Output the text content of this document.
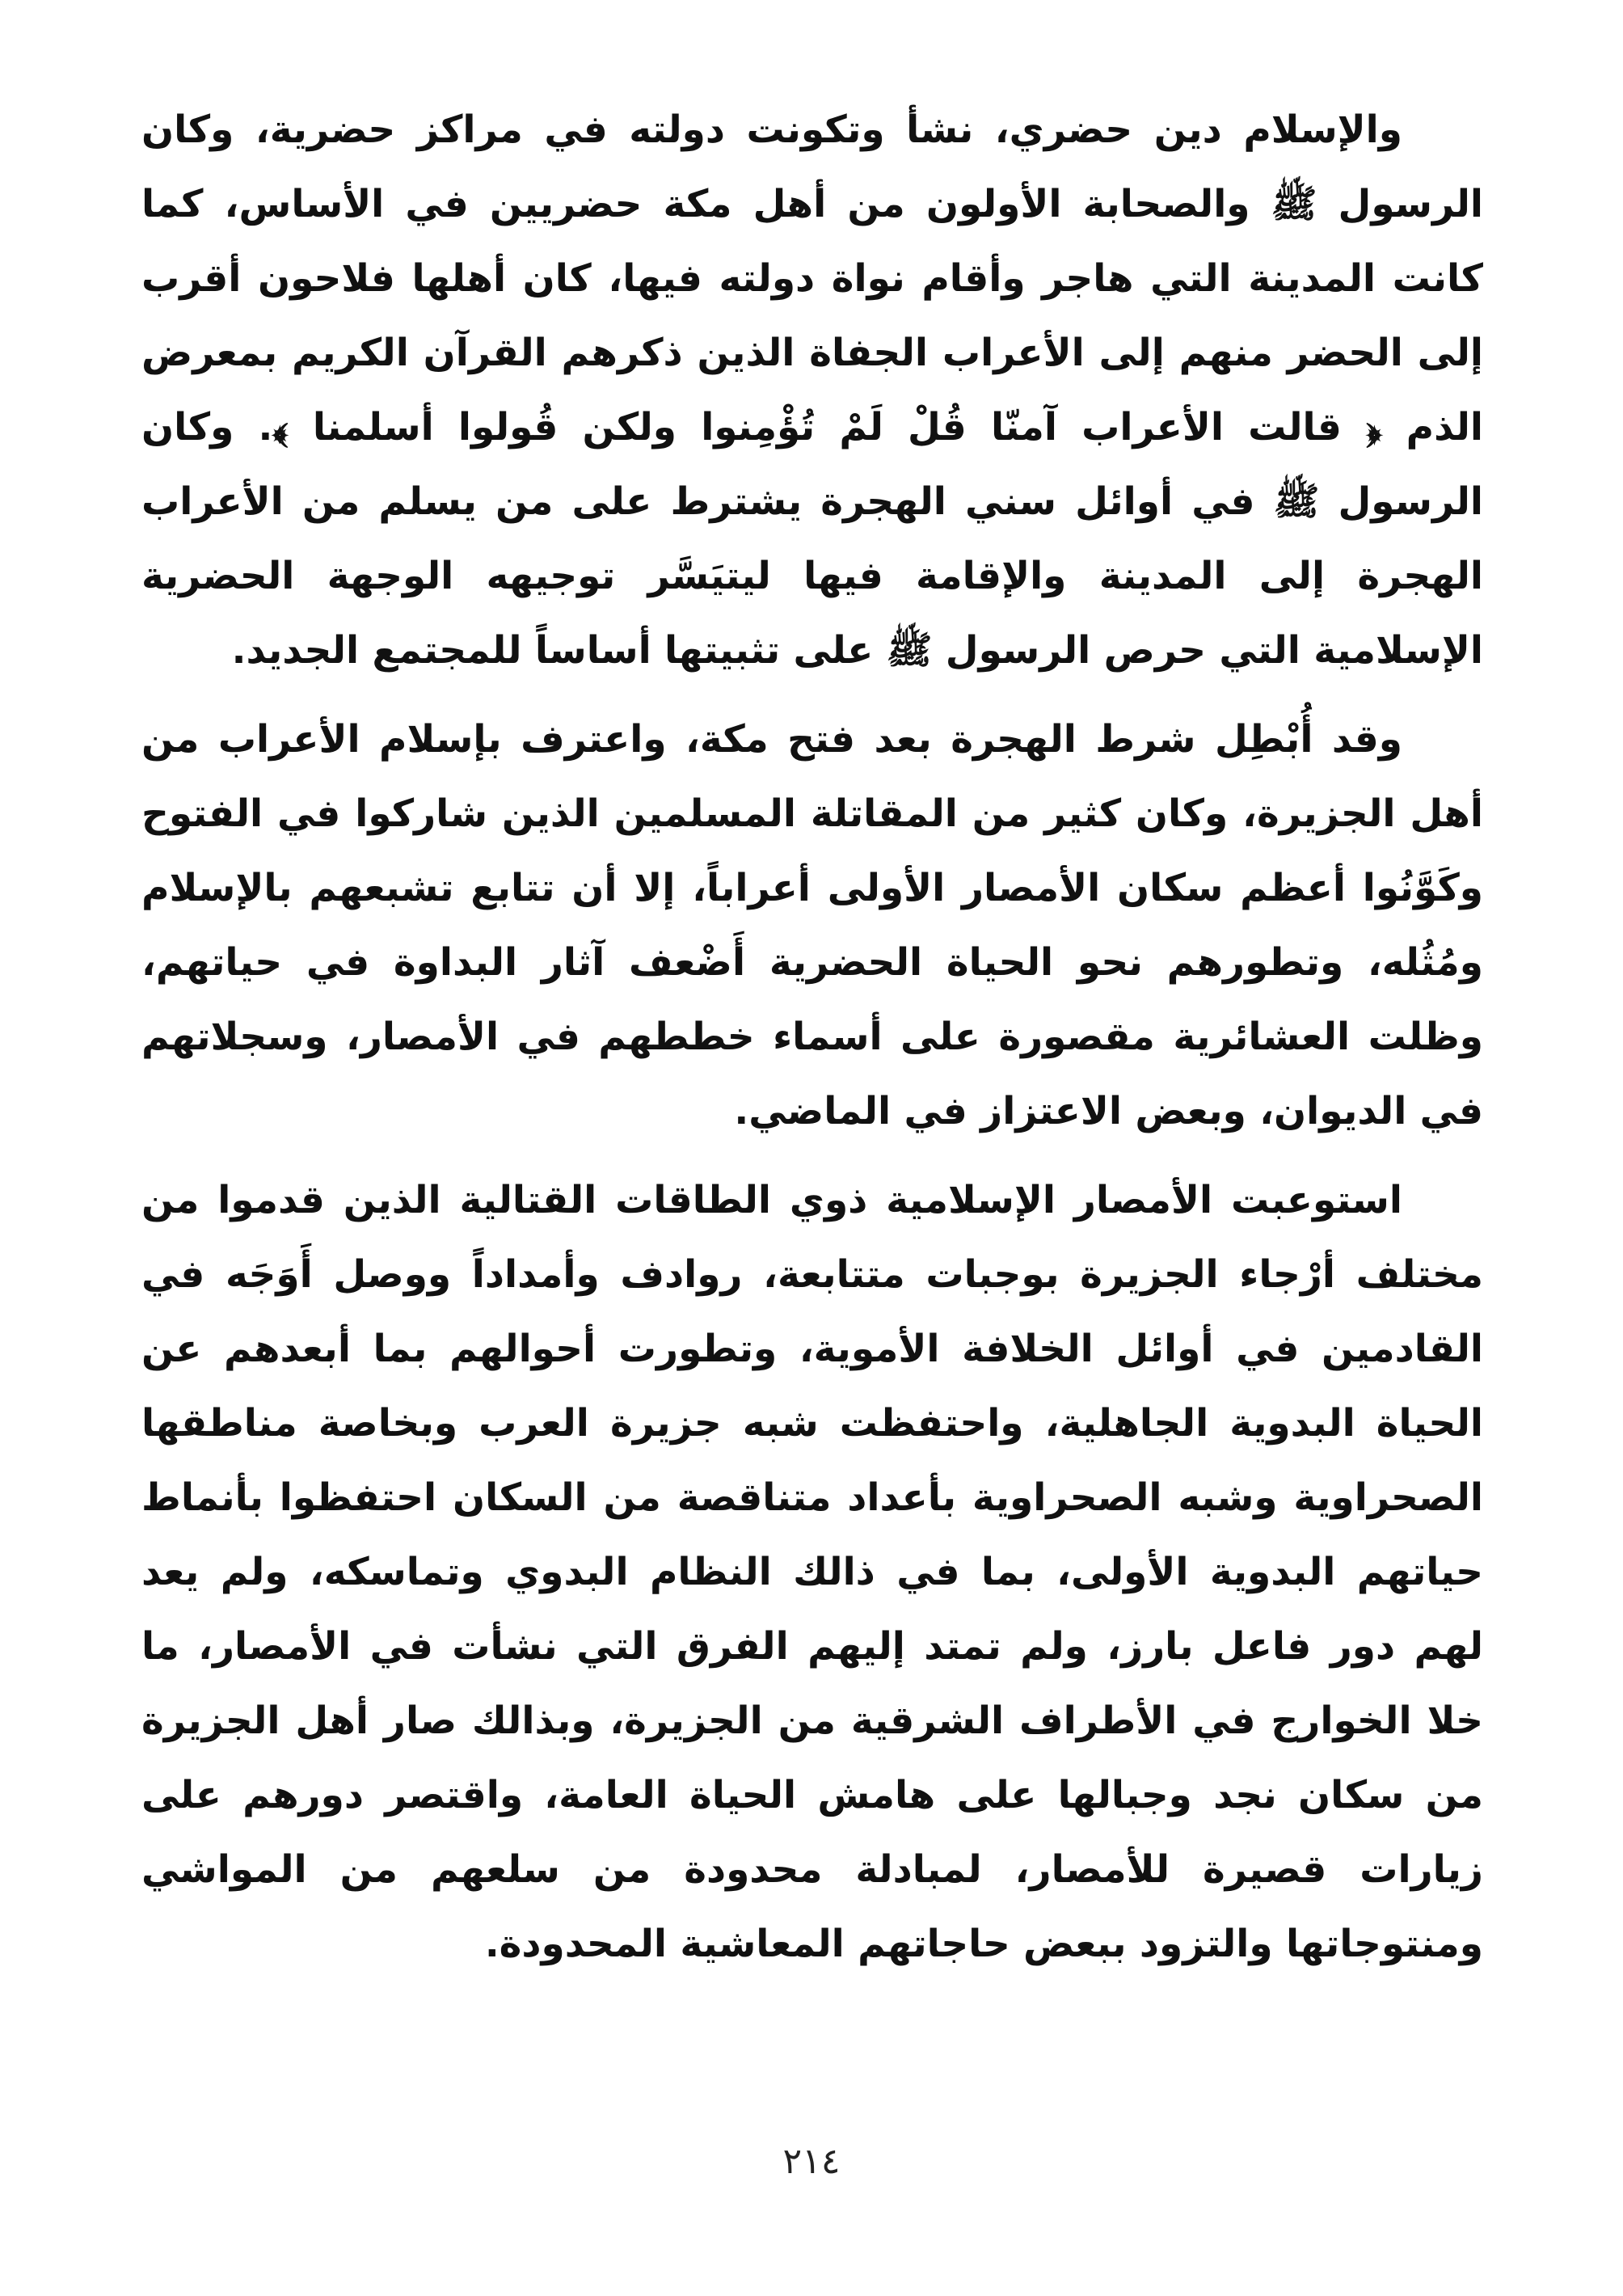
والإسلام دين حضري، نشأ وتكونت دولته في مراكز حضرية، وكان الرسول ﷺ والصحابة الأولون من أهل مكة حضريين في الأساس، كما كانت المدينة التي هاجر وأقام نواة دولته فيها، كان أهلها فلاحون أقرب إلى الحضر منهم إلى الأعراب الجفاة الذين ذكرهم القرآن الكريم بمعرض الذم ﴿ قالت الأعراب آمنّا قُلْ لَمْ تُؤْمِنوا ولكن قُولوا أسلمنا ﴾. وكان الرسول ﷺ في أوائل سني الهجرة يشترط على من يسلم من الأعراب الهجرة إلى المدينة والإقامة فيها ليتيَسَّر توجيهه الوجهة الحضرية الإسلامية التي حرص الرسول ﷺ على تثبيتها أساساً للمجتمع الجديد.

وقد أُبْطِل شرط الهجرة بعد فتح مكة، واعترف بإسلام الأعراب من أهل الجزيرة، وكان كثير من المقاتلة المسلمين الذين شاركوا في الفتوح وكَوَّنُوا أعظم سكان الأمصار الأولى أعراباً، إلا أن تتابع تشبعهم بالإسلام ومُثُله، وتطورهم نحو الحياة الحضرية أَضْعف آثار البداوة في حياتهم، وظلت العشائرية مقصورة على أسماء خططهم في الأمصار، وسجلاتهم في الديوان، وبعض الاعتزاز في الماضي.

استوعبت الأمصار الإسلامية ذوي الطاقات القتالية الذين قدموا من مختلف أرْجاء الجزيرة بوجبات متتابعة، روادف وأمداداً ووصل أَوَجَه في القادمين في أوائل الخلافة الأموية، وتطورت أحوالهم بما أبعدهم عن الحياة البدوية الجاهلية، واحتفظت شبه جزيرة العرب وبخاصة مناطقها الصحراوية وشبه الصحراوية بأعداد متناقصة من السكان احتفظوا بأنماط حياتهم البدوية الأولى، بما في ذالك النظام البدوي وتماسكه، ولم يعد لهم دور فاعل بارز، ولم تمتد إليهم الفرق التي نشأت في الأمصار، ما خلا الخوارج في الأطراف الشرقية من الجزيرة، وبذالك صار أهل الجزيرة من سكان نجد وجبالها على هامش الحياة العامة، واقتصر دورهم على زيارات قصيرة للأمصار، لمبادلة محدودة من سلعهم من المواشي ومنتوجاتها والتزود ببعض حاجاتهم المعاشية المحدودة.

٢١٤
